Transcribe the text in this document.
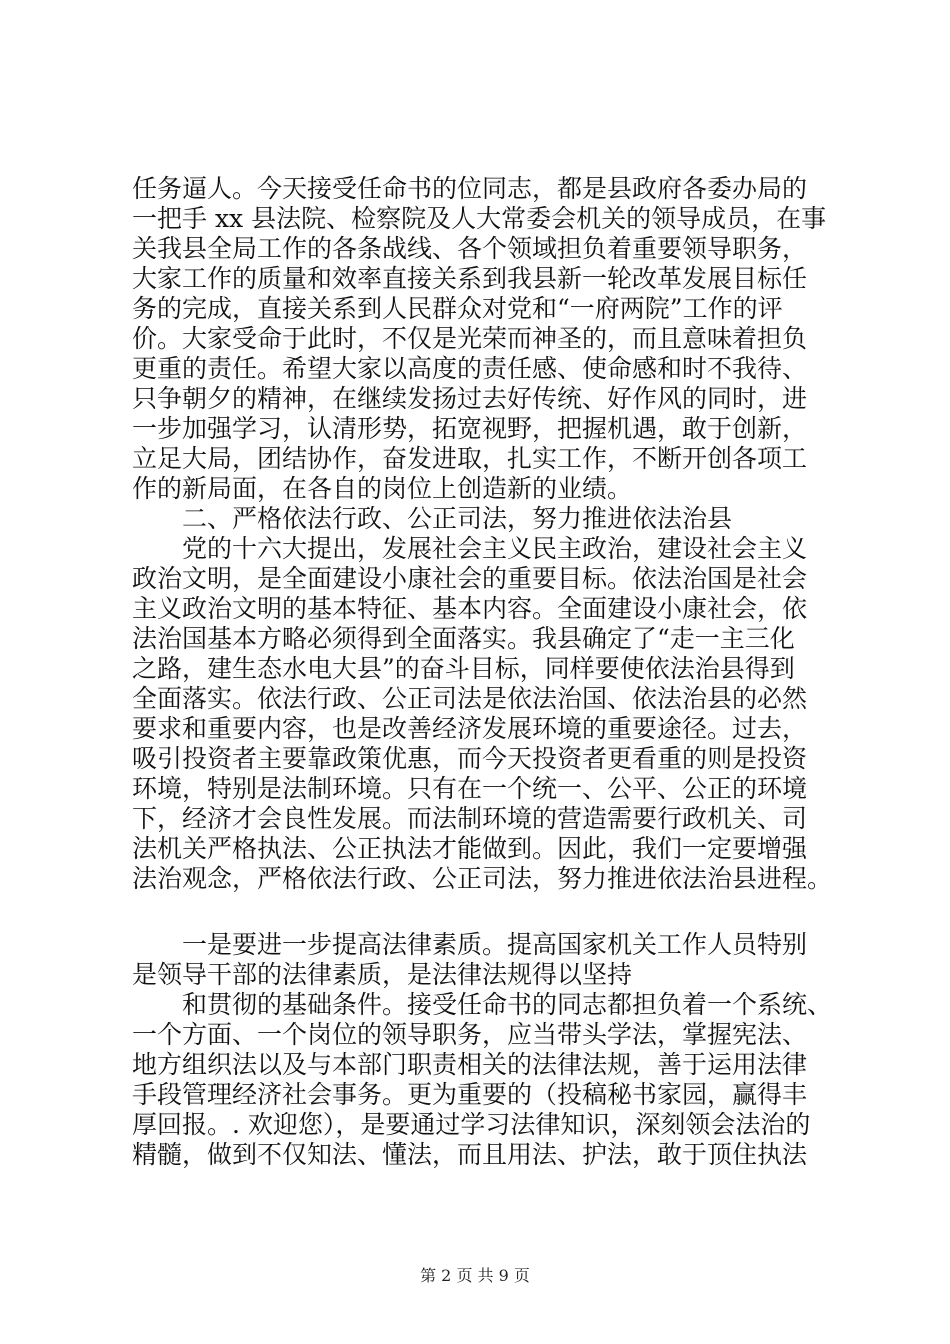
任务逼人。今天接受任命书的位同志，都是县政府各委办局的
一把手 xx 县法院、检察院及人大常委会机关的领导成员，在事
关我县全局工作的各条战线、各个领域担负着重要领导职务，
大家工作的质量和效率直接关系到我县新一轮改革发展目标任
务的完成，直接关系到人民群众对党和“一府两院”工作的评
价。大家受命于此时，不仅是光荣而神圣的，而且意味着担负
更重的责任。希望大家以高度的责任感、使命感和时不我待、
只争朝夕的精神，在继续发扬过去好传统、好作风的同时，进
一步加强学习，认清形势，拓宽视野，把握机遇，敢于创新，
立足大局，团结协作，奋发进取，扎实工作，不断开创各项工
作的新局面，在各自的岗位上创造新的业绩。
二、严格依法行政、公正司法，努力推进依法治县
党的十六大提出，发展社会主义民主政治，建设社会主义
政治文明，是全面建设小康社会的重要目标。依法治国是社会
主义政治文明的基本特征、基本内容。全面建设小康社会，依
法治国基本方略必须得到全面落实。我县确定了“走一主三化
之路，建生态水电大县”的奋斗目标，同样要使依法治县得到
全面落实。依法行政、公正司法是依法治国、依法治县的必然
要求和重要内容，也是改善经济发展环境的重要途径。过去，
吸引投资者主要靠政策优惠，而今天投资者更看重的则是投资
环境，特别是法制环境。只有在一个统一、公平、公正的环境
下，经济才会良性发展。而法制环境的营造需要行政机关、司
法机关严格执法、公正执法才能做到。因此，我们一定要增强
法治观念，严格依法行政、公正司法，努力推进依法治县进程。
一是要进一步提高法律素质。提高国家机关工作人员特别
是领导干部的法律素质，是法律法规得以坚持
和贯彻的基础条件。接受任命书的同志都担负着一个系统、
一个方面、一个岗位的领导职务，应当带头学法，掌握宪法、
地方组织法以及与本部门职责相关的法律法规，善于运用法律
手段管理经济社会事务。更为重要的（投稿秘书家园，赢得丰
厚回报。. 欢迎您），是要通过学习法律知识，深刻领会法治的
精髓，做到不仅知法、懂法，而且用法、护法，敢于顶住执法
第 2 页 共 9 页
